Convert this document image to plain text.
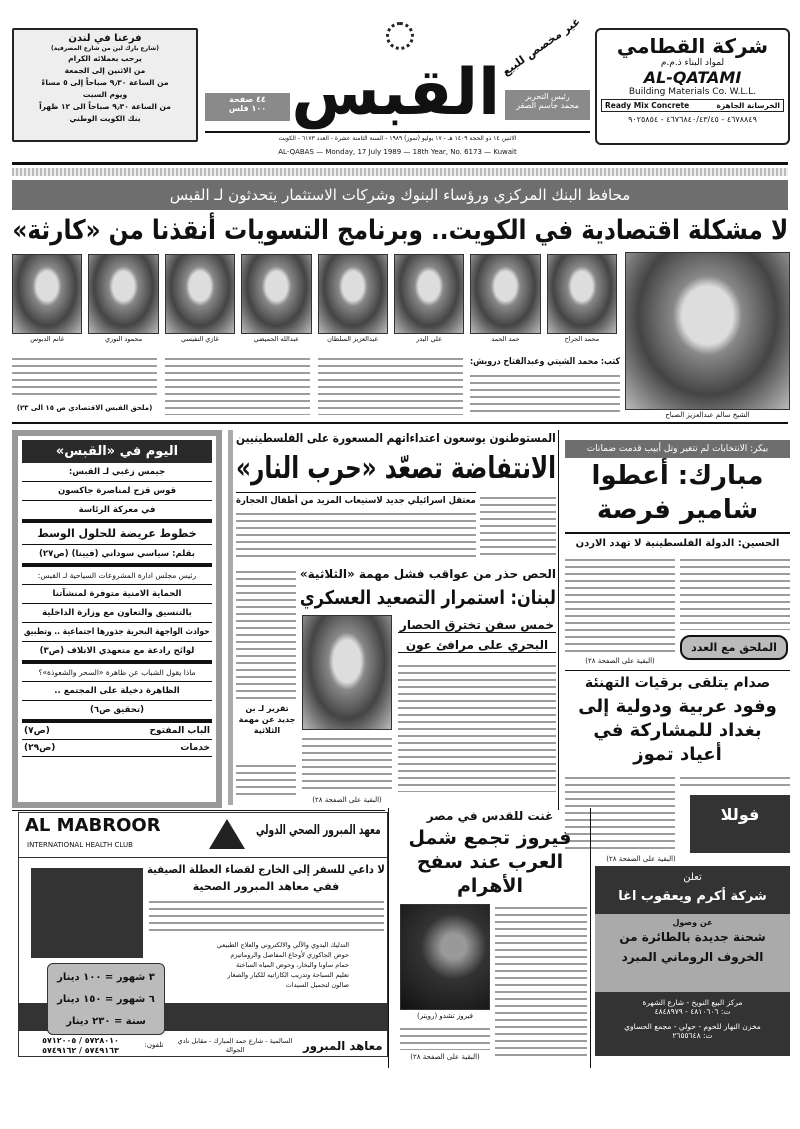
شركة القطامي
لمواد البناء ذ.م.م
AL-QATAMI
Building Materials Co. W.L.L.
الخرسانة الجاهزة
Ready Mix Concrete
٤٦٧٨٨٤٩ - ٤٦٧٦٨٤٠/٤٣/٤٥ - ٩٠٢٥٨٥٤
غير مخصص للبيع
القبس	رئيس التحرير
محمد جاسم الصقر
٤٤ صفحة
١٠٠ فلس
فرعنا في لندن
(شارع بارك لين من شارع المصرفية)
يرحب بعملائه الكرام
من الاثنين إلى الجمعة
من الساعة ٩٫٣٠ صباحاً إلى ٥ مساءً
ويوم السبت
من الساعة ٩٫٣٠ صباحاً الى ١٢ ظهراً
بنك الكويت الوطني
الاثنين ١٤ ذو الحجة ١٤٠٩ هـ - ١٧ يوليو (تموز) ١٩٨٩ - السنة الثامنة عشرة - العدد ٦١٧٣ - الكويت
AL-QABAS — Monday, 17 July 1989 — 18th Year, No. 6173 — Kuwait
محافظ البنك المركزي ورؤساء البنوك وشركات الاستثمار يتحدثون لـ القبس
لا مشكلة اقتصادية في الكويت.. وبرنامج التسويات أنقذنا من «كارثة»
محمد الجراح
حمد الحمد
علي البدر
عبدالعزيز السلطان
عبدالله الحميضي
غازي النفيسي
محمود النوري
غانم الدبوس
الشيخ سالم عبدالعزيز الصباح
كتب: محمد الشيتي وعبدالفتاح درويش:
(ملحق القبس الاقتصادي ص ١٥ الى ٢٣)
اليوم في «القبس»
جيمس زغبي لـ القبس:
قوس قزح لمناصرة جاكسون
في معركة الرئاسة
خطوط عريضة للحلول الوسط
بقلم: سياسي سوداني (فيينا) (ص٢٧)
رئيس مجلس ادارة المشروعات السياحية لـ القبس:
الحماية الامنية متوفرة لمنشآتنا
بالتنسيق والتعاون مع وزارة الداخلية
حوادث الواجهة البحرية جذورها اجتماعية .. وتطبيق
لوائح رادعة مع متعهدي الاتلاف (ص٣)
ماذا يقول الشباب عن ظاهرة «السحر والشعوذة»؟
الظاهرة دخيلة على المجتمع ..
(تحقيق ص٦)
الباب المفتوح
(ص٧)
خدمات
(ص٢٩)
المستوطنون يوسعون اعتداءاتهم المسعورة على الفلسطينيين
الانتفاضة تصعّد «حرب النار»
معتقل اسرائيلي جديد لاستيعاب المزيد من أطفال الحجارة
الحص حذر من عواقب فشل مهمة «الثلاثية»
لبنان: استمرار التصعيد العسكري
خمس سفن تخترق الحصار
البحري على مرافئ عون
تقرير لـ بن جديد عن مهمة الثلاثية
(البقية على الصفحة ٢٨)
بيكر: الانتخابات لم تتغير وتل أبيب قدمت ضمانات
مبارك: أعطوا
شامير فرصة
الحسين: الدولة الفلسطينية لا تهدد الاردن
الملحق مع العدد
(البقية على الصفحة ٢٨)
صدام يتلقى برقيات التهنئة
وفود عربية ودولية إلى بغداد للمشاركة في أعياد تموز
فوللا
(البقية على الصفحة ٢٨)
AL MABROOR
INTERNATIONAL HEALTH CLUB
معهد المبرور الصحي الدولي
لا داعي للسفر إلى الخارج لقضاء العطلة الصيفية
ففي معاهد المبرور الصحية
التدليك اليدوي والآلي والالكتروني والعلاج الطبيعي
حوض الجاكوزي لأوجاع المفاصل والروماتيزم
حمام ساونا والبخار، وحوض المياه الساخنة
تعليم السباحة وتدريب الكاراتيه للكبار والصغار
صالون لتجميل السيدات
٣ شهور = ١٠٠ دينار
٦ شهور = ١٥٠ دينار
سنة = ٢٣٠ دينار
معاهد المبرور
السالمية - شارع حمد المبارك - مقابل نادي الجوالة
تلفون:
٥٧٢٨٠١٠ / ٥٧١٢٠٠٥
٥٧٤٩١٦٣ / ٥٧٤٩١٦٢
غنت للقدس في مصر
فيروز تجمع شمل العرب عند سفح الأهرام
فيروز تشدو (رويتر)
(البقية على الصفحة ٢٨)
تعلن
شركة أكرم ويعقوب اغا
عن وصول
شحنة جديدة بالطائرة من الخروف الروماني المبرد
مركز البيع النويخ - شارع الشهرة
ت: ٤٨١٠٦٠٦ - ٤٨٤٨٩٧٩
مخزن النهار للحوم - حولي - مجمع الحساوي
ت: ٢٦٥٥٦٤٨
